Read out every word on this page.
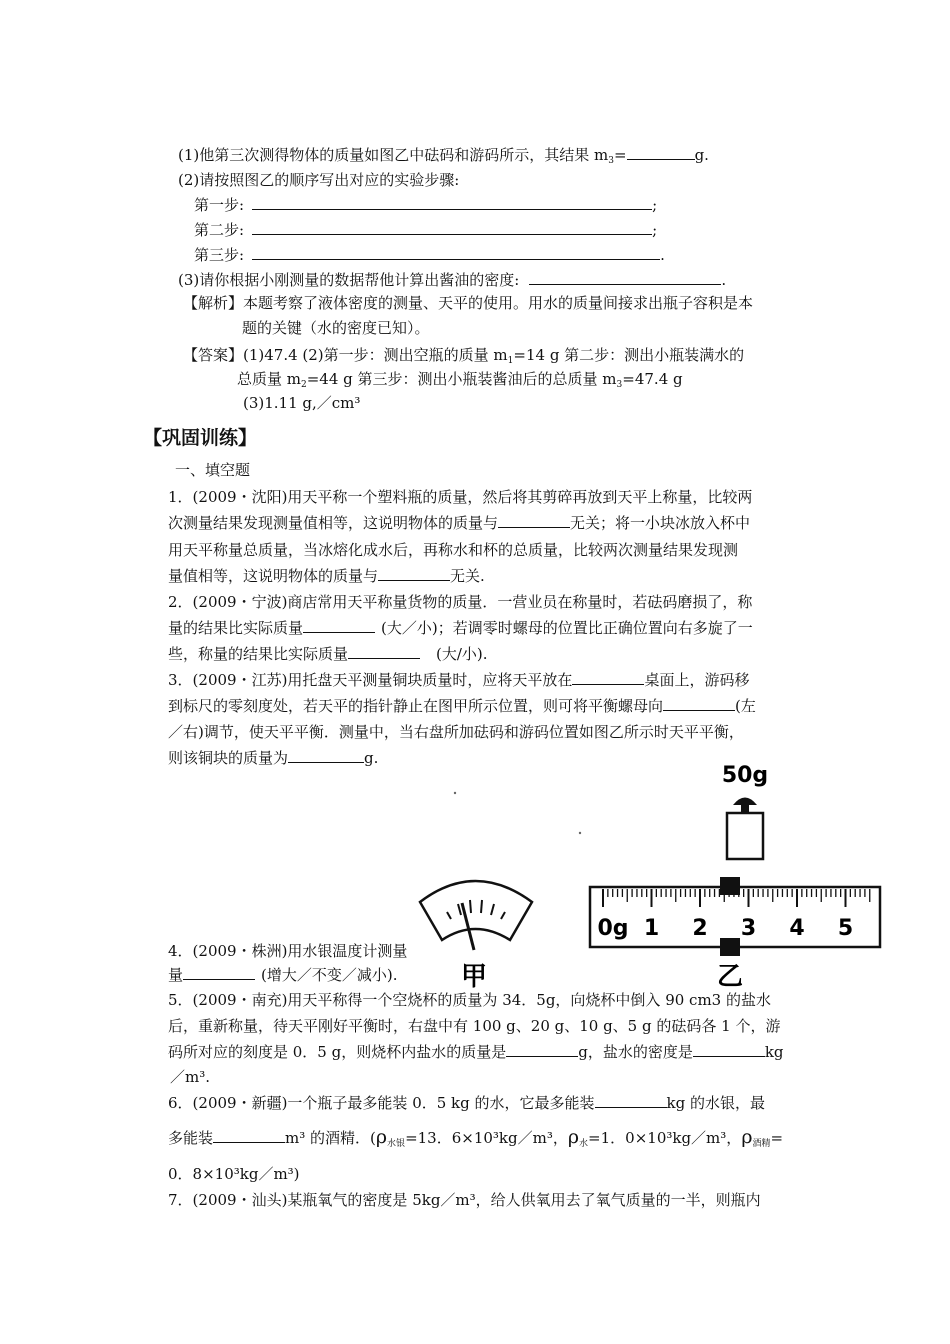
(1)他第三次测得物体的质量如图乙中砝码和游码所示，其结果 $m_3=$	g.
(2)请按照图乙的顺序写出对应的实验步骤:
第一步:	;
第二步:	;
第三步:	.
(3)请你根据小刚测量的数据帮他计算出酱油的密度:	.
【解析】本题考察了液体密度的测量、天平的使用。用水的质量间接求出瓶子容积是本
题的关键（水的密度已知）。
【答案】(1)47.4 (2)第一步：测出空瓶的质量 $m_1=14$ g 第二步：测出小瓶装满水的
总质量 $m_2=44$ g 第三步：测出小瓶装酱油后的总质量 $m_3=47.4$ g
(3)1.11 g,／cm³
【巩固训练】
一、填空题
1．(2009・沈阳)用天平称一个塑料瓶的质量，然后将其剪碎再放到天平上称量，比较两
次测量结果发现测量值相等，这说明物体的质量与	无关；将一小块冰放入杯中
用天平称量总质量，当冰熔化成水后，再称水和杯的总质量，比较两次测量结果发现测
量值相等，这说明物体的质量与	无关.
2．(2009・宁波)商店常用天平称量货物的质量．一营业员在称量时，若砝码磨损了，称
量的结果比实际质量	(大／小)；若调零时螺母的位置比正确位置向右多旋了一
些，称量的结果比实际质量	(大/小).
3．(2009・江苏)用托盘天平测量铜块质量时，应将天平放在	桌面上，游码移
到标尺的零刻度处，若天平的指针静止在图甲所示位置，则可将平衡螺母向	(左
／右)调节，使天平平衡．测量中，当右盘所加砝码和游码位置如图乙所示时天平平衡，
则该铜块的质量为	g.
甲
50g
0g 1 2 3 4 5
乙
4．(2009・株洲)用水银温度计测量
量	(增大／不变／减小).
5．(2009・南充)用天平称得一个空烧杯的质量为 34．5g，向烧杯中倒入 90 cm3 的盐水
后，重新称量，待天平刚好平衡时，右盘中有 100 g、20 g、10 g、5 g 的砝码各 1 个，游
码所对应的刻度是 0．5 g，则烧杯内盐水的质量是	g，盐水的密度是	kg
／m³.
6．(2009・新疆)一个瓶子最多能装 0．5 kg 的水，它最多能装	kg 的水银，最
多能装	m³ 的酒精．($\rho_{水银}=13$．6×10³kg／m³，$\rho_水=1$．0×10³kg／m³，$\rho_{酒精}=$
0．8×10³kg／m³)
7．(2009・汕头)某瓶氧气的密度是 5kg／m³，给人供氧用去了氧气质量的一半，则瓶内
